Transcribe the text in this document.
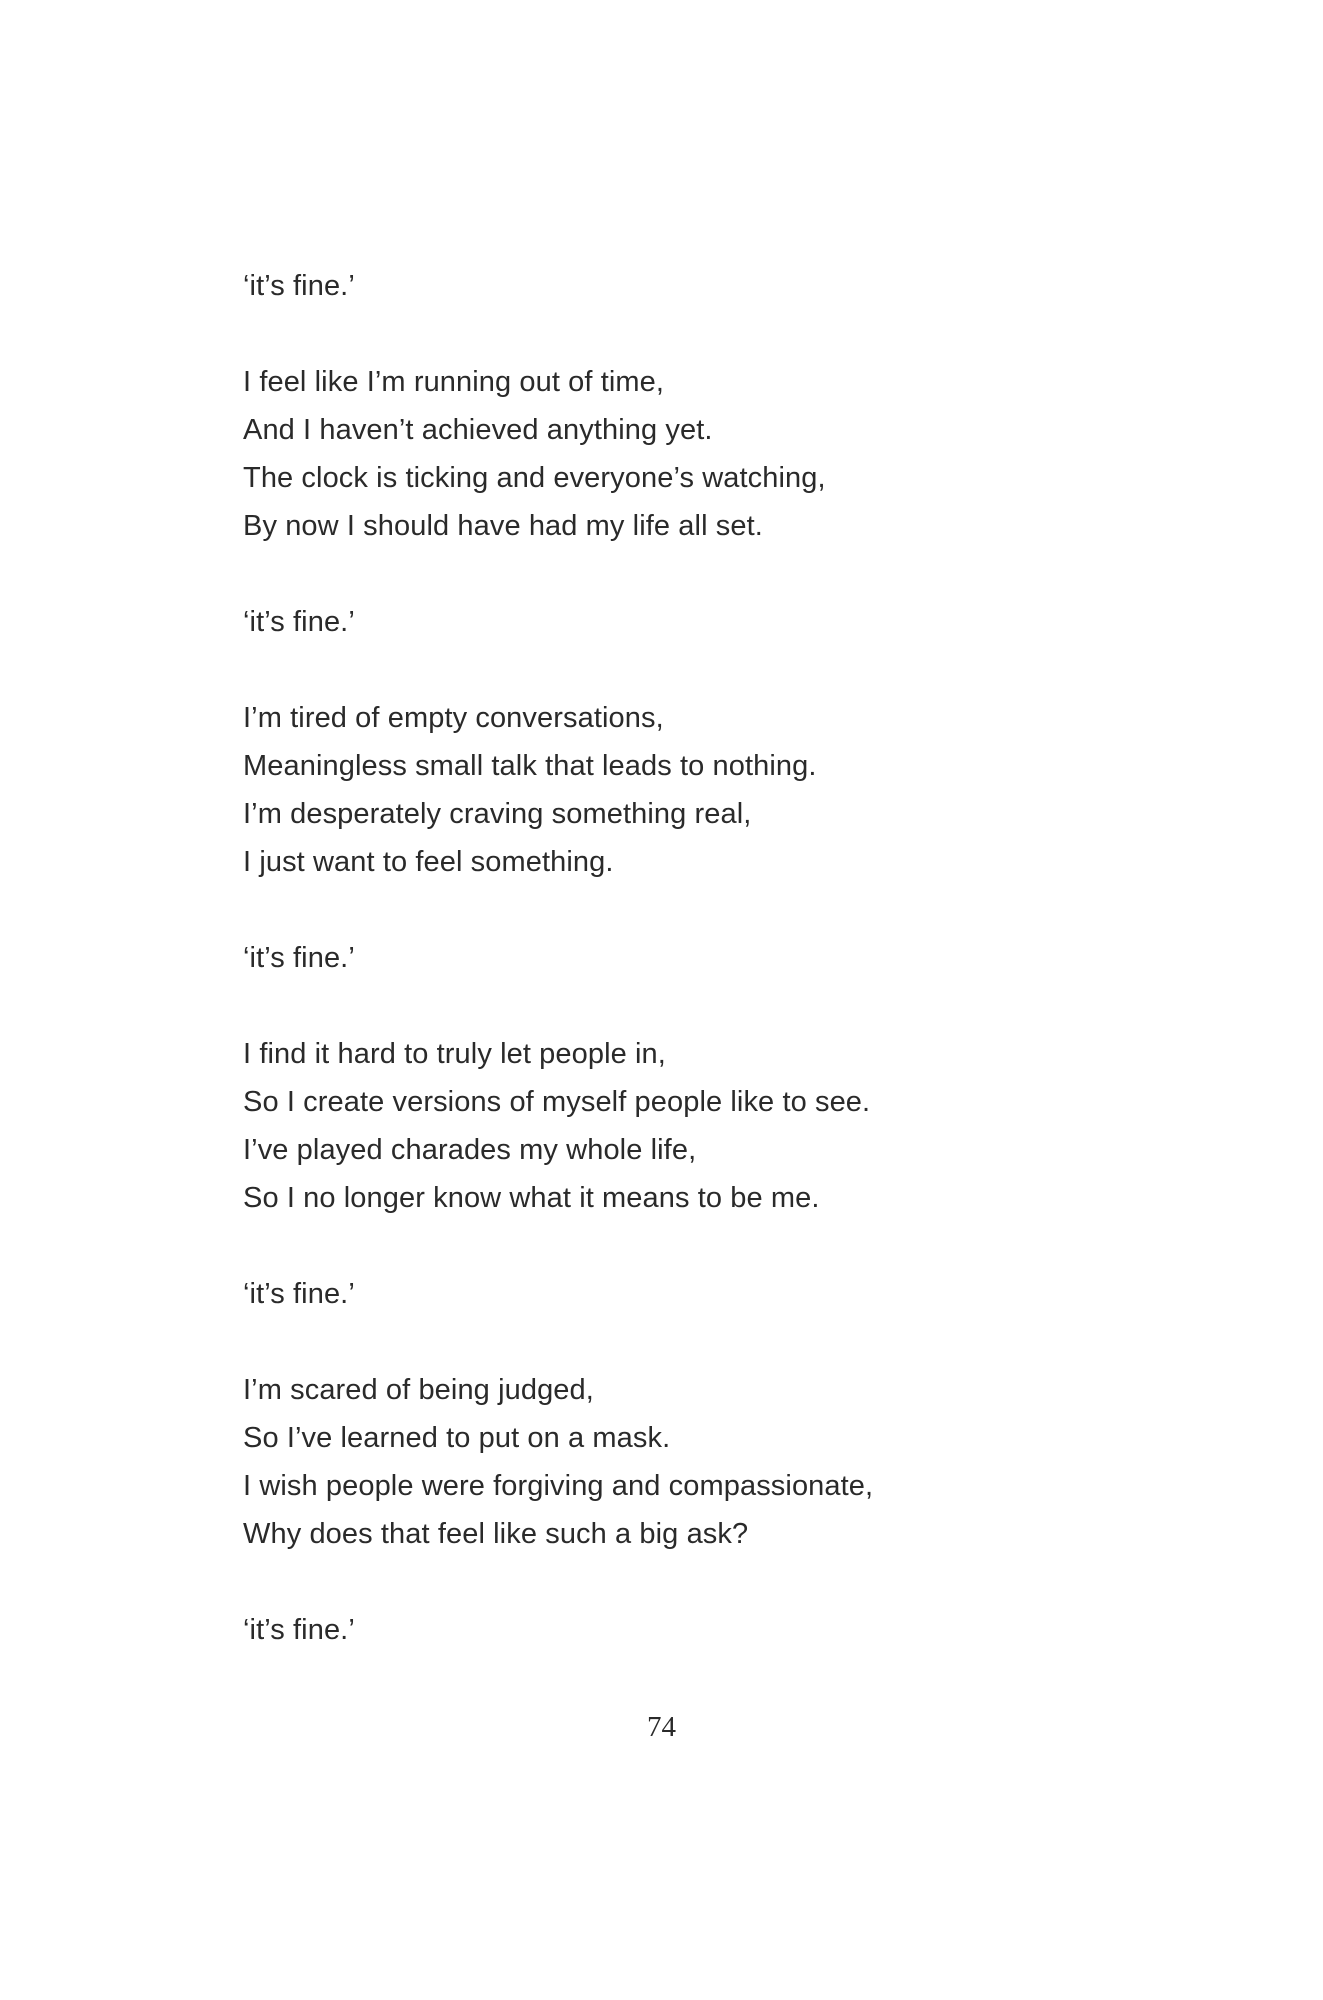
‘it’s fine.’
I feel like I’m running out of time,
And I haven’t achieved anything yet.
The clock is ticking and everyone’s watching,
By now I should have had my life all set.
‘it’s fine.’
I’m tired of empty conversations,
Meaningless small talk that leads to nothing.
I’m desperately craving something real,
I just want to feel something.
‘it’s fine.’
I find it hard to truly let people in,
So I create versions of myself people like to see.
I’ve played charades my whole life,
So I no longer know what it means to be me.
‘it’s fine.’
I’m scared of being judged,
So I’ve learned to put on a mask.
I wish people were forgiving and compassionate,
Why does that feel like such a big ask?
‘it’s fine.’
74
